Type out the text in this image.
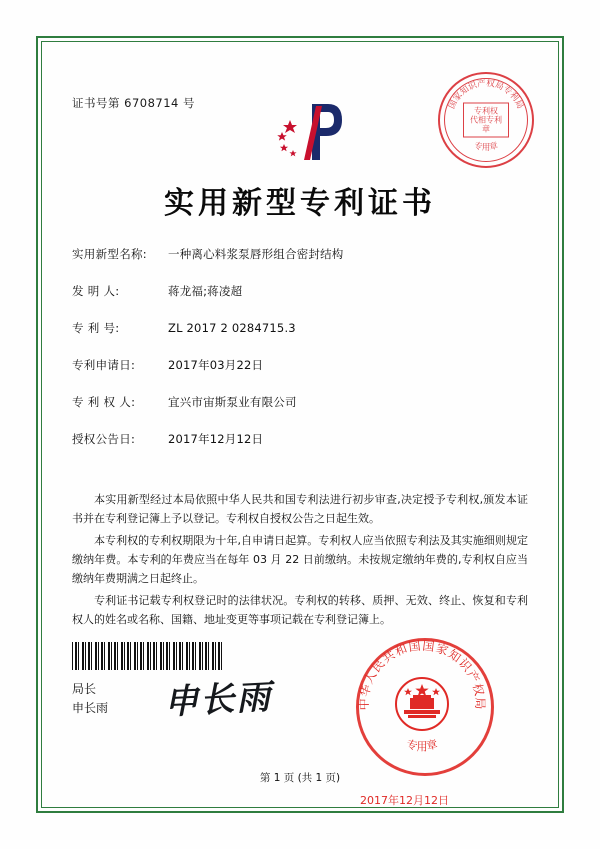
证书号第 6708714 号	国家知识产权局专利局
专用章
专利权
代相专利章
实用新型专利证书
实用新型名称:	一种离心料浆泵唇形组合密封结构
发 明 人:	蒋龙福;蒋凌超
专 利 号:	ZL 2017 2 0284715.3
专利申请日:	2017年03月22日
专 利 权 人:	宜兴市宙斯泵业有限公司
授权公告日:	2017年12月12日

本实用新型经过本局依照中华人民共和国专利法进行初步审查,决定授予专利权,颁发本证书并在专利登记簿上予以登记。专利权自授权公告之日起生效。

本专利权的专利权期限为十年,自申请日起算。专利权人应当依照专利法及其实施细则规定缴纳年费。本专利的年费应当在每年 03 月 22 日前缴纳。未按规定缴纳年费的,专利权自应当缴纳年费期满之日起终止。

专利证书记载专利权登记时的法律状况。专利权的转移、质押、无效、终止、恢复和专利权人的姓名或名称、国籍、地址变更等事项记载在专利登记簿上。

局长
申长雨 申长雨	中华人民共和国国家知识产权局
专用章
2017年12月12日
第 1 页 (共 1 页)
